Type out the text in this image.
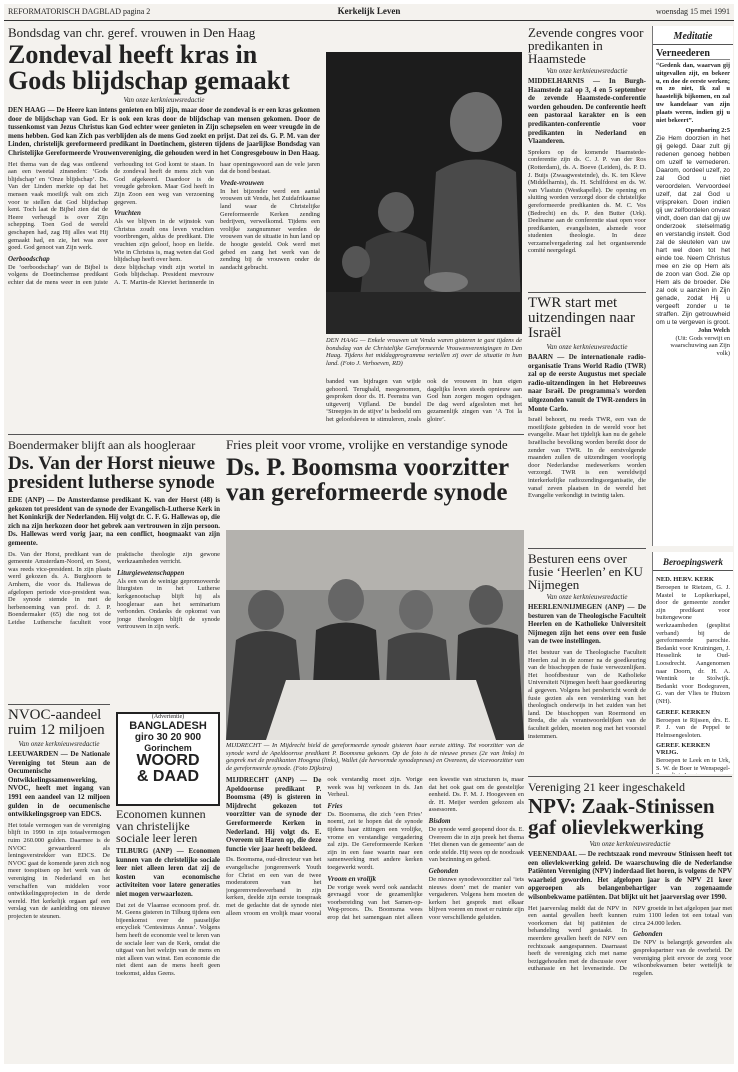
REFORMATORISCH DAGBLAD pagina 2	Kerkelijk Leven	woensdag 15 mei 1991

Bondsdag van chr. geref. vrouwen in Den Haag

Zondeval heeft kras in Gods blijdschap gemaakt

Van onze kerknieuwsredactie

DEN HAAG — De Heere kan intens genieten en blij zijn, maar door de zondeval is er een kras gekomen door de blijdschap van God. Er is ook een kras door de blijdschap van mensen gekomen. Door de tussenkomst van Jezus Christus kan God echter weer genieten in Zijn schepselen en weer vreugde in de mens hebben. God kan Zich pas verblijden als de mens God zoekt en prijst. Dat zei ds. G. P. M. van der Linden, christelijk gereformeerd predikant in Doetinchem, gisteren tijdens de jaarlijkse Bondsdag van Christelijke Gereformeerde Vrouwenvereniging, die gehouden werd in het Congresgebouw in Den Haag.

Het thema van de dag was ontleend aan een tweetal zinsneden: ‘Gods blijdschap’ en ‘Onze blijdschap’. Ds. Van der Linden merkte op dat het mensen vaak moeilijk valt om zich voor te stellen dat God blijdschap kent. Toch laat de Bijbel zien dat de Heere verheugd is over Zijn schepping. Toen God de wereld geschapen had, zag Hij alles wat Hij gemaakt had, en zie, het was zeer goed. God genoot van Zijn werk.

Oerboodschap

De ‘oerboodschap’ van de Bijbel is volgens de Doetinchemse predikant echter dat de mens weer in een juiste verhouding tot God komt te staan. In de zondeval heeft de mens zich van God afgekeerd. Daardoor is de vreugde gebroken. Maar God heeft in Zijn Zoon een weg van verzoening gegeven.

Vruchten

Als we blijven in de wijnstok van Christus zoudt ons leven vruchten voortbrengen, aldus de predikant. Die vruchten zijn geloof, hoop en liefde. Wie in Christus is, mag weten dat God blijdschap heeft over hem.

deze blijdschap vindt zijn wortel in Gods blijdschap. President mevrouw A. T. Martin-de Kieviet herinnerde in haar openingswoord aan de vele jaren dat de bond bestaat.

Vrede-vrouwen

In het bijzonder werd een aantal vrouwen uit Venda, het Zuidafrikaanse land waar de Christelijke Gereformeerde Kerken zending bedrijven, verwelkomd. Tijdens een vrolijke zangnummer werden de vrouwen van de situatie in hun land op de hoogte gesteld. Ook werd met gebed en zang het werk van de zending bij de vrouwen onder de aandacht gebracht.

DEN HAAG — Enkele vrouwen uit Venda waren gisteren te gast tijdens de bondsdag van de Christelijke Gereformeerde Vrouwenverenigingen in Den Haag. Tijdens het middagprogramma vertellen zij over de situatie in hun land. (Foto J. Verhoeven, RD)

banded van bijdragen van wijde gehoord. Terughald, meegenomen, gesproken door ds. H. Feenstra van uitgeverij Vijfland. De bundel ‘Streepjes in de stijve’ is bedoeld om het geloofsleven te stimuleren, zoals ook de vrouwen in hun eigen dagelijks leven steeds opnieuw aan God hun zorgen mogen opdragen. De dag werd afgesloten met het gezamenlijk zingen van ‘A Toi la gloire’.

Zevende congres voor predikanten in Haamstede

Van onze kerknieuwsredactie

MIDDELHARNIS — In Burgh-Haamstede zal op 3, 4 en 5 september de zevende Haamstede-conferentie worden gehouden. De conferentie heeft een pastoraal karakter en is een predikanten-conferentie voor predikanten in Nederland en Vlaanderen.

Sprekers op de komende Haamstede-conferentie zijn ds. C. J. P. van der Ros (Rotterdam), ds. A. Boeve (Leiden), ds. P. D. J. Buijs (Zwaagwesteinde), ds. K. ten Kleve (Middelharnis), ds. H. Schilfdorst en ds. W. van Vlastuin (Westkapelle). De opening en sluiting worden verzorgd door de christelijke gereformeerde predikanten ds. M. C. Vos (Bedrecht) en ds. P. den Butter (Urk). Deelname aan de conferentie staat open voor predikanten, evangelisten, alsmede voor studenten theologie. In deze verzamelvergadering zal het organiserende comité neergelegd.

TWR start met uitzendingen naar Israël

Van onze kerknieuwsredactie

BAARN — De internationale radio-organisatie Trans World Radio (TWR) zal op de eerste Augustus met speciale radio-uitzendingen in het Hebreeuws naar Israël. De programma's worden uitgezonden vanuit de TWR-zenders in Monte Carlo.

Israël behoort, nu reeds TWR, een van de moeilijkste gebieden in de wereld voor het evangelie. Maar het tijdelijk kan nu de gehele Israëlische bevolking worden bereikt door de zender van TWR. In de eerstvolgende maanden zullen de uitzendingen voorlopig door Nederlandse medewerkers worden verzorgd. TWR is een wereldwijd interkerkelijke radiozendingsorganisatie, die vanaf zeven plaatsen in de wereld het Evangelie verkondigt in twintig talen.

Meditatie

Verneederen

“Gedenk dan, waarvan gij uitgevallen zijt, en bekeer u, en doe de eerste werken; en zo niet, Ik zal u haastelijk bijkomen, en zal uw kandelaar van zijn plaats weren, indien gij u niet bekeert”.

Openbaring 2:5

Zie Hem doorzien in het gij gelegd. Daar zult gij redenen genoeg hebben om uzelf te vernederen. Daarom, oordeel uzelf, zo zal God u niet veroordelen. Vervoordeel uzelf, dat zal God u vrijspreken. Doen indien gij uw zelfoordelen onvast vindt, doen dan dat gij uw onderzoek stelselmatig en verstandig instelt. God zal de sleutelen van uw hart wel doen tot het einde toe. Neem Christus mee en zie op Hem als de zoon van God. Zie op Hem als de broeder. Die zal ook u aanzien in Zijn genade, zodat Hij u vergeeft zonder u te straffen. Zijn getrouwheid om u te vergeven is groot.

John Welch

(Uit: Gods verwijt en waarschuwing aan Zijn volk)

Boendermaker blijft aan als hoogleraar

Ds. Van der Horst nieuwe president lutherse synode

EDE (ANP) — De Amsterdamse predikant K. van der Horst (48) is gekozen tot president van de synode der Evangelisch-Lutherse Kerk in het Koninkrijk der Nederlanden. Hij volgt dr. C. F. G. Hallewas op, die zich na zijn herkozen door het gebrek aan vertrouwen in zijn persoon. Ds. Hallewas werd vorig jaar, na een conflict, hoogmaakt van zijn gemeente.

Ds. Van der Horst, predikant van de gemeente Amsterdam-Noord, en Soest, was reeds vice-president. In zijn plaats werd gekozen ds. A. Burghoorn te Arnhem, die voor ds. Hallewas de afgelopen periode vice-president was. De synode stemde in met de herbenoeming van prof. dr. J. P. Boendermaker (65) die nog tot de Leidse Luthersche faculteit voor praktische theologie zijn gewone werkzaamheden verricht.

Liturgiewetenschappen

Als een van de weinige gepromoveerde liturgisten in het Lutherse kerkgenootschap blijft hij als hoogleraar aan het seminarium verbonden. Ondanks de opkomst van jonge theologen blijft de synode vertrouwen in zijn werk.

Fries pleit voor vrome, vrolijke en verstandige synode

Ds. P. Boomsma voorzitter van gereformeerde synode

MIJDRECHT — In Mijdrecht hield de gereformeerde synode gisteren haar eerste zitting. Tot voorzitter van de synode werd de Apeldoornse predikant P. Boomsma gekozen. Op de foto is de nieuwe preses (2e van links) in gesprek met de predikanten Hoogma (links), Wallet (de hervormde synodepreses) en Overeem, de vicevoorzitter van de gereformeerde synode. (Foto Dijkstra)

Besturen eens over fusie ‘Heerlen’ en KU Nijmegen

Van onze kerknieuwsredactie

HEERLEN/NIJMEGEN (ANP) — De besturen van de Theologische Faculteit Heerlen en de Katholieke Universiteit Nijmegen zijn het eens over een fusie van de twee instellingen.

Het bestuur van de Theologische Faculteit Heerlen zal in de zomer na de goedkeuring van de bisschoppen de fusie verwezenlijken. Het hoofdbestuur van de Katholieke Universiteit Nijmegen heeft haar goedkeuring al gegeven. Volgens het persbericht wordt de fusie gezien als een versterking van het theologisch onderwijs in het zuiden van het land. De bisschoppen van Roermond en Breda, die als verantwoordelijken van de faculteit gelden, moeten nog met het voorstel instemmen.

Beroepingswerk

NED. HERV. KERK

Beroepen te Rietzen, G. J. Mastel te Lopikerkapel, door de gemeente zonder zijn predikant voor buitengewone werkzaamheden (gesplitst verband) bij de gereformeerde parochie. Bedankt voor Kruiningen, J. Hesselink te Oud-Loosdrecht. Aangenomen naar Doorn, dr. H. A. Wentink te Stolwijk. Bedankt voor Bodegraven, G. van der Vlies te Huizen (NH).

GEREF. KERKEN

Beroepen te Rijssen, drs. E. P. J. van de Peppel te Helmsengesloten.

GEREF. KERKEN VRIJG.

Beroepen te Leek en te Urk, S. W. de Boer te Wenspegel-

NVOC-aandeel ruim 12 miljoen

Van onze kerknieuwsredactie

LEEUWARDEN — De Nationale Vereniging tot Steun aan de Oecumenische Ontwikkelingssamenwerking, NVOC, heeft met ingang van 1991 een aandeel van 12 miljoen gulden in de oecumenische ontwikkelingsgroep van EDCS.

Het totale vermogen van de vereniging blijft in 1990 in zijn totaalvermogen ruim 260.000 gulden. Daarmee is de NVOC gewaardeerd als leningsverstrekker van EDCS. De NVOC gaat de komende jaren zich nog meer toespitsen op het werk van de vereniging in Nederland en het verschaffen van middelen voor ontwikkelingsprojecten in de derde wereld. Het kerkelijk orgaan gaf een verslag van de aanleiding om nieuwe projecten te steunen.

(Advertentie)
BANGLADESH
giro 30 20 900
Gorinchem
WOORD
& DAAD

Economen kunnen van christelijke sociale leer leren

TILBURG (ANP) — Economen kunnen van de christelijke sociale leer niet alleen leren dat zij de kosten van economische activiteiten voor latere generaties niet mogen verwaarlozen.

Dat zei de Vlaamse econoom prof. dr. M. Geens gisteren in Tilburg tijdens een bijeenkomst over de pauselijke encycliek ‘Centesimus Annus’. Volgens hem heeft de economie veel te leren van de sociale leer van de Kerk, omdat die uitgaat van het welzijn van de mens en niet alleen van winst. Een economie die niet dient aan de mens heeft geen toekomst, aldus Geens.

MIJDRECHT (ANP) — De Apeldoornse predikant P. Boomsma (49) is gisteren in Mijdrecht gekozen tot voorzitter van de synode der Gereformeerde Kerken in Nederland. Hij volgt ds. E. Overeem uit Haren op, die deze functie vier jaar heeft bekleed.

Ds. Boomsma, oud-directeur van het evangelische jongerenwerk Youth for Christ en een van de twee moderatoren van het jongerenvredesverband in zijn kerken, deelde zijn eerste toespraak met de gedachte dat de synode niet alleen vroom en vrolijk maar vooral ook verstandig moet zijn. Vorige week was hij verkozen in ds. Jan Verheul.

Fries

Ds. Boomsma, die zich ‘een Fries’ noemt, zei te hopen dat de synode tijdens haar zittingen een vrolijke, vrome en verstandige vergadering zal zijn. De Gereformeerde Kerken zijn in een fase waarin naar een samenwerking met andere kerken toegewerkt wordt.

Vroom en vrolijk

De vorige week werd ook aandacht gevraagd voor de gezamenlijke voorbereiding van het Samen-op-Weg-proces. Ds. Boomsma wees erop dat het samengaan niet alleen een kwestie van structuren is, maar dat het ook gaat om de geestelijke eenheid. Ds. F. M. J. Hoogeveen en dr. H. Meijer werden gekozen als assessoren.

Bisdom

De synode werd geopend door ds. E. Overeem die in zijn preek het thema ‘Het dienen van de gemeente’ aan de orde stelde. Hij wees op de noodzaak van bezinning en gebed.

Gebonden

De nieuwe synodevoorzitter zal ‘iets nieuws doen’ met de manier van vergaderen. Volgens hem moeten de kerken het gesprek met elkaar blijven voeren en moet er ruimte zijn voor verschillende geluiden.

Vereniging 21 keer ingeschakeld

NPV: Zaak-Stinissen gaf olievlekwerking

Van onze kerknieuwsredactie

VEENENDAAL — De rechtszaak rond mevrouw Stinissen heeft tot een olievlekwerking geleid. De waarschuwing die de Nederlandse Patiënten Vereniging (NPV) inderdaad liet horen, is volgens de NPV waarheid geworden. Het afgelopen jaar is de NPV 21 keer opgeroepen als belangenbehartiger van zogenaamde wilsonbekwame patiënten. Dat blijkt uit het jaarverslag over 1990.

Het jaarverslag meldt dat de NPV in een aantal gevallen heeft kunnen voorkomen dat bij patiënten de behandeling werd gestaakt. In meerdere gevallen heeft de NPV een rechtszaak aangespannen. Daarnaast heeft de vereniging zich met name beziggehouden met de discussie over euthanasie en het levenseinde. De NPV groeide in het afgelopen jaar met ruim 1100 leden tot een totaal van circa 24.000 leden.

Gebonden

De NPV is belangrijk geworden als gesprekspartner van de overheid. De vereniging pleit ervoor de zorg voor wilsonbekwamen beter wettelijk te regelen.
